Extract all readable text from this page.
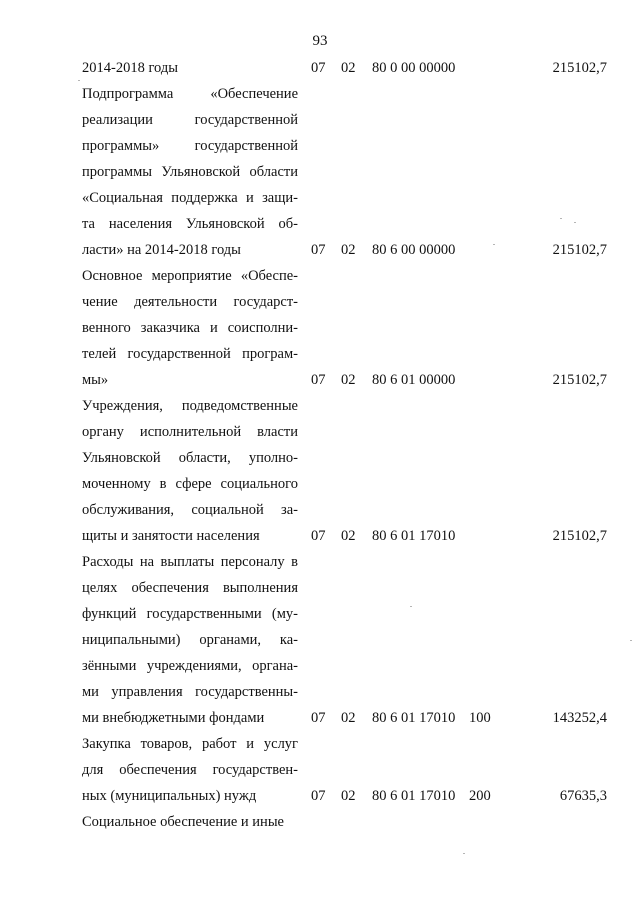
93
2014-2018 годы	07 02 80 0 00 00000	215102,7
Подпрограмма «Обеспечение
реализации государственной
программы» государственной
программы Ульяновской области
«Социальная поддержка и защи-
та населения Ульяновской об-
ласти» на 2014-2018 годы	07 02 80 6 00 00000	215102,7
Основное мероприятие «Обеспе-
чение деятельности государст-
венного заказчика и соисполни-
телей государственной програм-
мы»	07 02 80 6 01 00000	215102,7
Учреждения, подведомственные
органу исполнительной власти
Ульяновской области, уполно-
моченному в сфере социального
обслуживания, социальной за-
щиты и занятости населения	07 02 80 6 01 17010	215102,7
Расходы на выплаты персоналу в
целях обеспечения выполнения
функций государственными (му-
ниципальными) органами, ка-
зёнными учреждениями, органа-
ми управления государственны-
ми внебюджетными фондами	07 02 80 6 01 17010 100	143252,4
Закупка товаров, работ и услуг
для обеспечения государствен-
ных (муниципальных) нужд	07 02 80 6 01 17010 200	67635,3
Социальное обеспечение и иные
